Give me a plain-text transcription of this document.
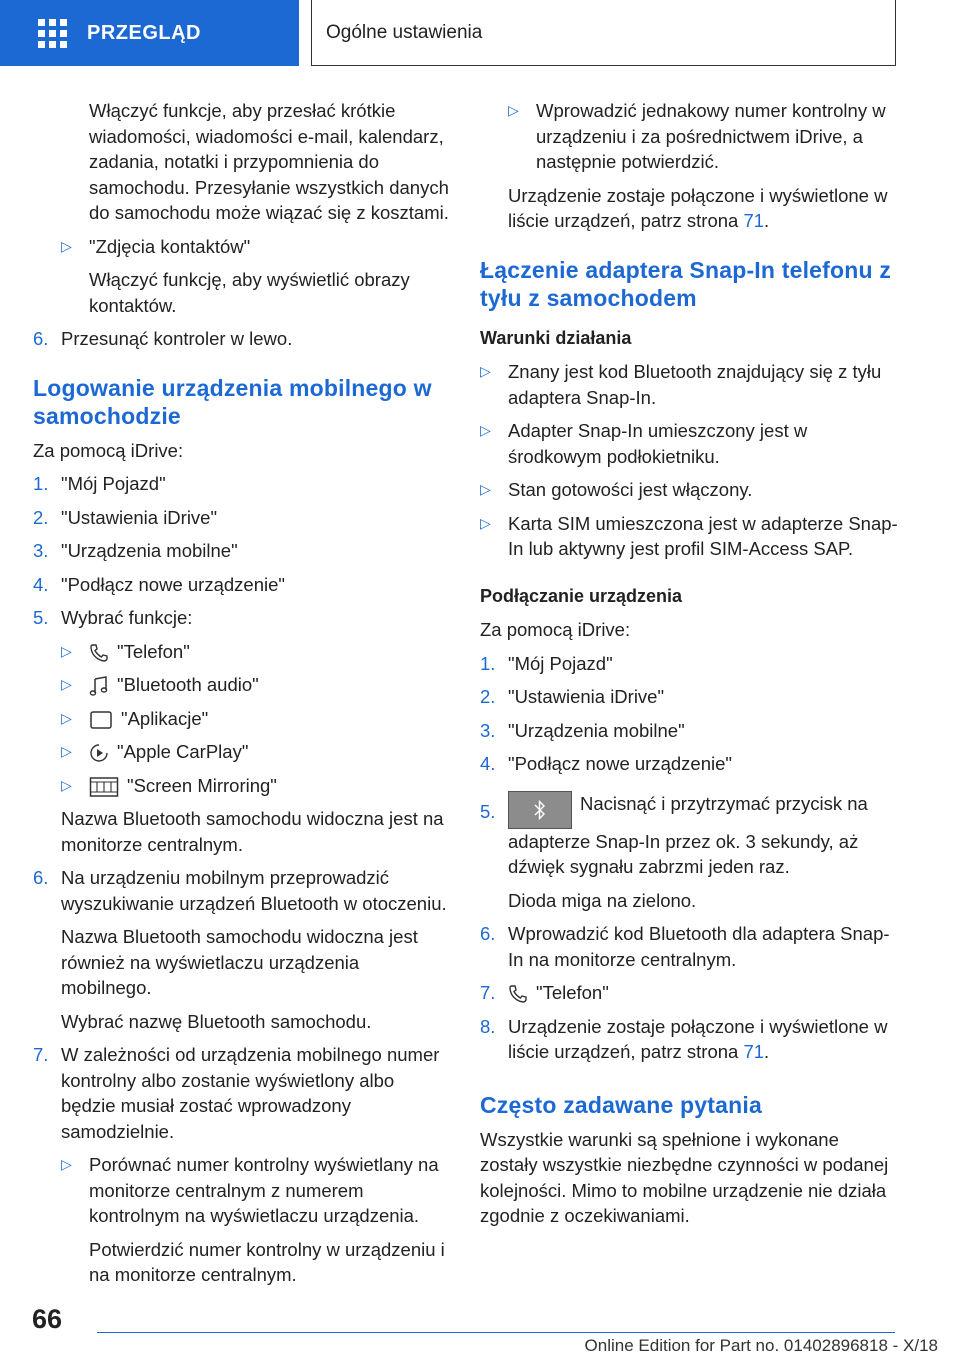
PRZEGLĄD	Ogólne ustawienia
Włączyć funkcje, aby przesłać krótkie wiadomości, wiadomości e-mail, kalendarz, zadania, notatki i przypomnienia do samochodu. Przesyłanie wszystkich danych do samochodu może wiązać się z kosztami.
▷ "Zdjęcia kontaktów"
Włączyć funkcję, aby wyświetlić obrazy kontaktów.
6. Przesunąć kontroler w lewo.
Logowanie urządzenia mobilnego w samochodzie
Za pomocą iDrive:
1. "Mój Pojazd"
2. "Ustawienia iDrive"
3. "Urządzenia mobilne"
4. "Podłącz nowe urządzenie"
5. Wybrać funkcje:
▷	"Telefon"
▷	"Bluetooth audio"
▷	"Aplikacje"
▷	"Apple CarPlay"
▷	"Screen Mirroring"
Nazwa Bluetooth samochodu widoczna jest na monitorze centralnym.
6. Na urządzeniu mobilnym przeprowadzić wyszukiwanie urządzeń Bluetooth w otoczeniu.
Nazwa Bluetooth samochodu widoczna jest również na wyświetlaczu urządzenia mobilnego.
Wybrać nazwę Bluetooth samochodu.
7. W zależności od urządzenia mobilnego numer kontrolny albo zostanie wyświetlony albo będzie musiał zostać wprowadzony samodzielnie.
▷ Porównać numer kontrolny wyświetlany na monitorze centralnym z numerem kontrolnym na wyświetlaczu urządzenia.
Potwierdzić numer kontrolny w urządzeniu i na monitorze centralnym.
▷ Wprowadzić jednakowy numer kontrolny w urządzeniu i za pośrednictwem iDrive, a następnie potwierdzić.
Urządzenie zostaje połączone i wyświetlone w liście urządzeń, patrz strona 71.
Łączenie adaptera Snap-In telefonu z tyłu z samochodem
Warunki działania
▷ Znany jest kod Bluetooth znajdujący się z tyłu adaptera Snap-In.
▷ Adapter Snap-In umieszczony jest w środkowym podłokietniku.
▷ Stan gotowości jest włączony.
▷ Karta SIM umieszczona jest w adapterze Snap-In lub aktywny jest profil SIM-Access SAP.
Podłączanie urządzenia
Za pomocą iDrive:
1. "Mój Pojazd"
2. "Ustawienia iDrive"
3. "Urządzenia mobilne"
4. "Podłącz nowe urządzenie"
5.	Nacisnąć i przytrzymać przycisk na adapterze Snap-In przez ok. 3 sekundy, aż dźwięk sygnału zabrzmi jeden raz.
Dioda miga na zielono.
6. Wprowadzić kod Bluetooth dla adaptera Snap-In na monitorze centralnym.
7.	"Telefon"
8. Urządzenie zostaje połączone i wyświetlone w liście urządzeń, patrz strona 71.
Często zadawane pytania
Wszystkie warunki są spełnione i wykonane zostały wszystkie niezbędne czynności w podanej kolejności. Mimo to mobilne urządzenie nie działa zgodnie z oczekiwaniami.
66
Online Edition for Part no. 01402896818 - X/18
